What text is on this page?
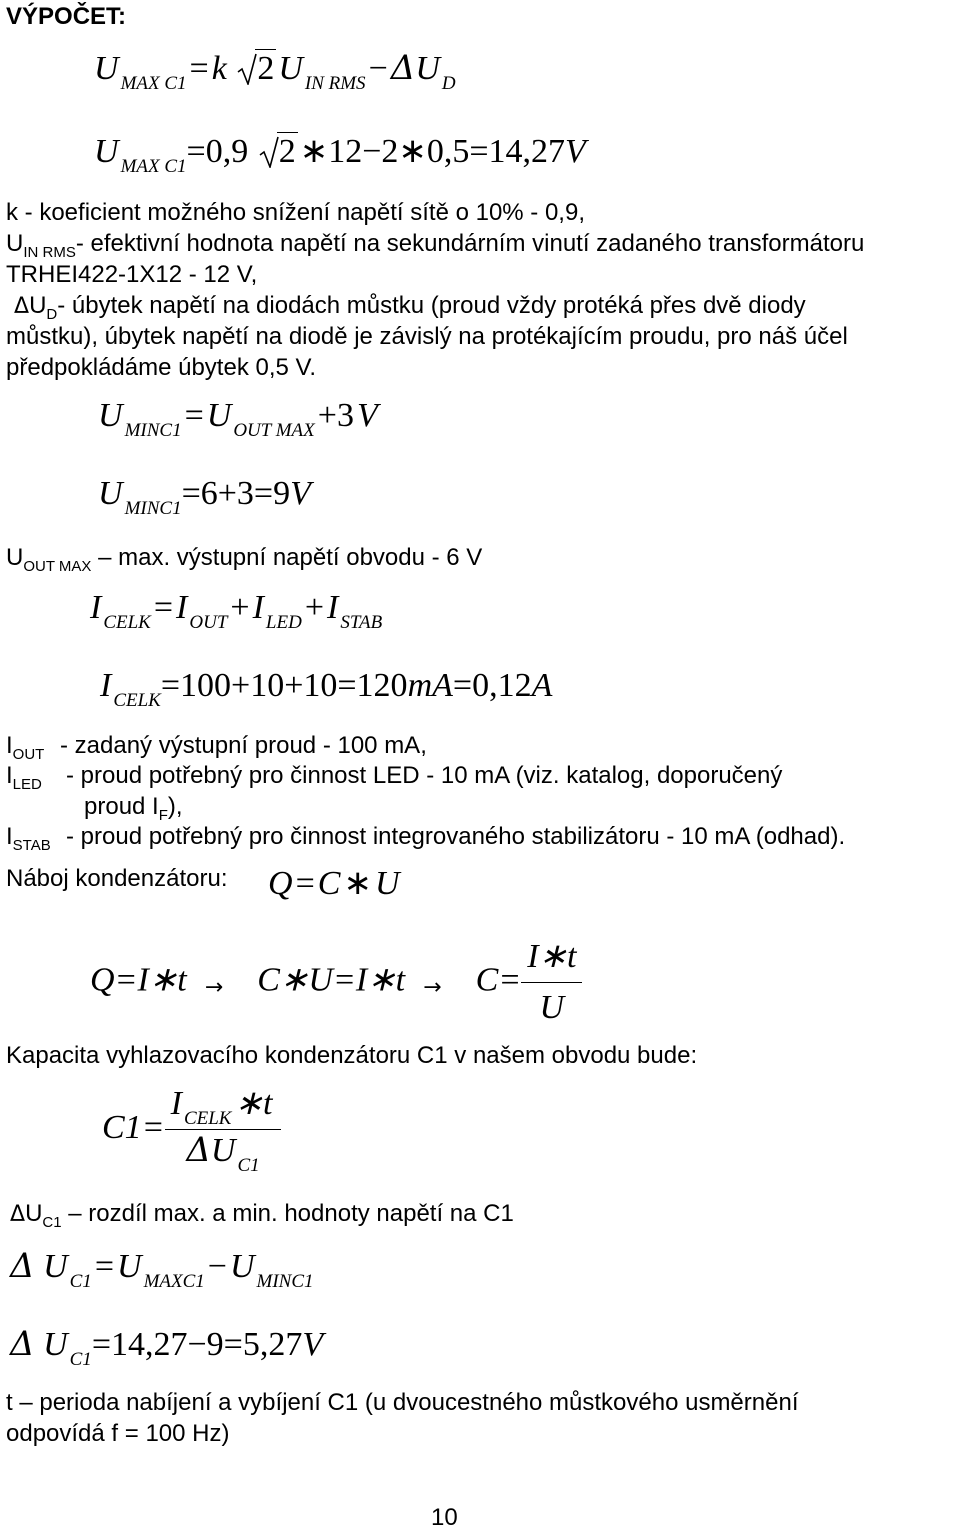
VÝPOČET:
U $_{MAX C1}$=k 2 U $_{IN RMS}$−ΔU $_D$
U $_{MAX C1}$=0,9 2 ∗12−2∗0,5=14,27V
k - koeficient možného snížení napětí sítě o 10% - 0,9,
$U_{IN RMS}-$ efektivní hodnota napětí na sekundárním vinutí zadaného transformátoru
TRHEI422-1X12 - 12 V,
$\Delta U_D-$ úbytek napětí na diodách můstku (proud vždy protéká přes dvě diody
můstku), úbytek napětí na diodě je závislý na protékajícím proudu, pro náš účel
předpokládáme úbytek 0,5 V.
U $_{MINC1}$=U $_{OUT MAX}$+3V
U $_{MINC1}$=6+3=9V
$U_{OUT MAX}$ – max. výstupní napětí obvodu - 6 V
I $_{CELK}$=I $_{OUT}$+I $_{LED}$+I $_{STAB}$
I $_{CELK}$=100+10+10=120mA=0,12A
$I_{OUT}$ - zadaný výstupní proud - 100 mA,
$I_{LED}$ - proud potřebný pro činnost LED - 10 mA (viz. katalog, doporučený
proud $I_F$),
$I_{STAB}$ - proud potřebný pro činnost integrovaného stabilizátoru - 10 mA (odhad).
Náboj kondenzátoru: Q=C∗U
Q=I∗t → C∗U=I∗t → $C= \frac{I∗t}{U}$
Kapacita vyhlazovacího kondenzátoru C1 v našem obvodu bude:
$C1= \frac{I _{CELK}∗t}{\Delta U _{C1}}$
$\Delta U_{C1}$ – rozdíl max. a min. hodnoty napětí na C1
Δ U $_{C1}$=U $_{MAXC1}$−U $_{MINC1}$
Δ U $_{C1}$=14,27−9=5,27V
t – perioda nabíjení a vybíjení C1 (u dvoucestného můstkového usměrnění
odpovídá f = 100 Hz)
10
